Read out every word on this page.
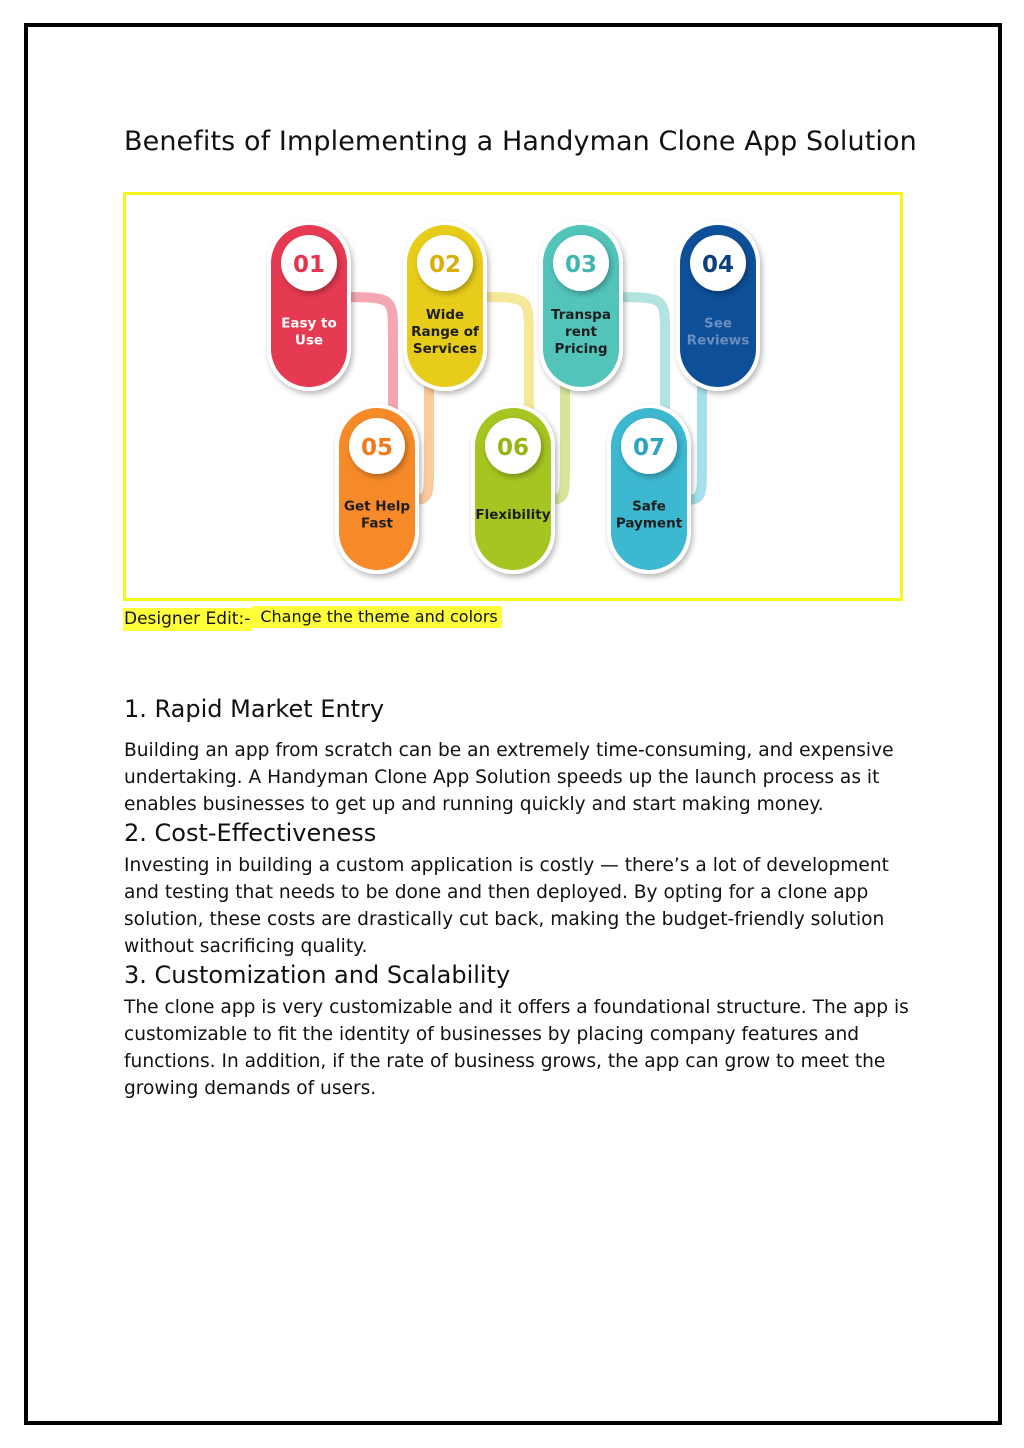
Benefits of Implementing a Handyman Clone App Solution
01
Easy to
Use
02
Wide
Range of
Services
03
Transpa
rent
Pricing
04
See
Reviews
05
Get Help
Fast
06
Flexibility
07
Safe
Payment
Designer Edit:- Change the theme and colors
1. Rapid Market Entry

Building an app from scratch can be an extremely time-consuming, and expensive undertaking. A Handyman Clone App Solution speeds up the launch process as it enables businesses to get up and running quickly and start making money.

2. Cost-Effectiveness

Investing in building a custom application is costly — there’s a lot of development and testing that needs to be done and then deployed. By opting for a clone app solution, these costs are drastically cut back, making the budget-friendly solution without sacrificing quality.

3. Customization and Scalability

The clone app is very customizable and it offers a foundational structure. The app is customizable to fit the identity of businesses by placing company features and functions. In addition, if the rate of business grows, the app can grow to meet the growing demands of users.
